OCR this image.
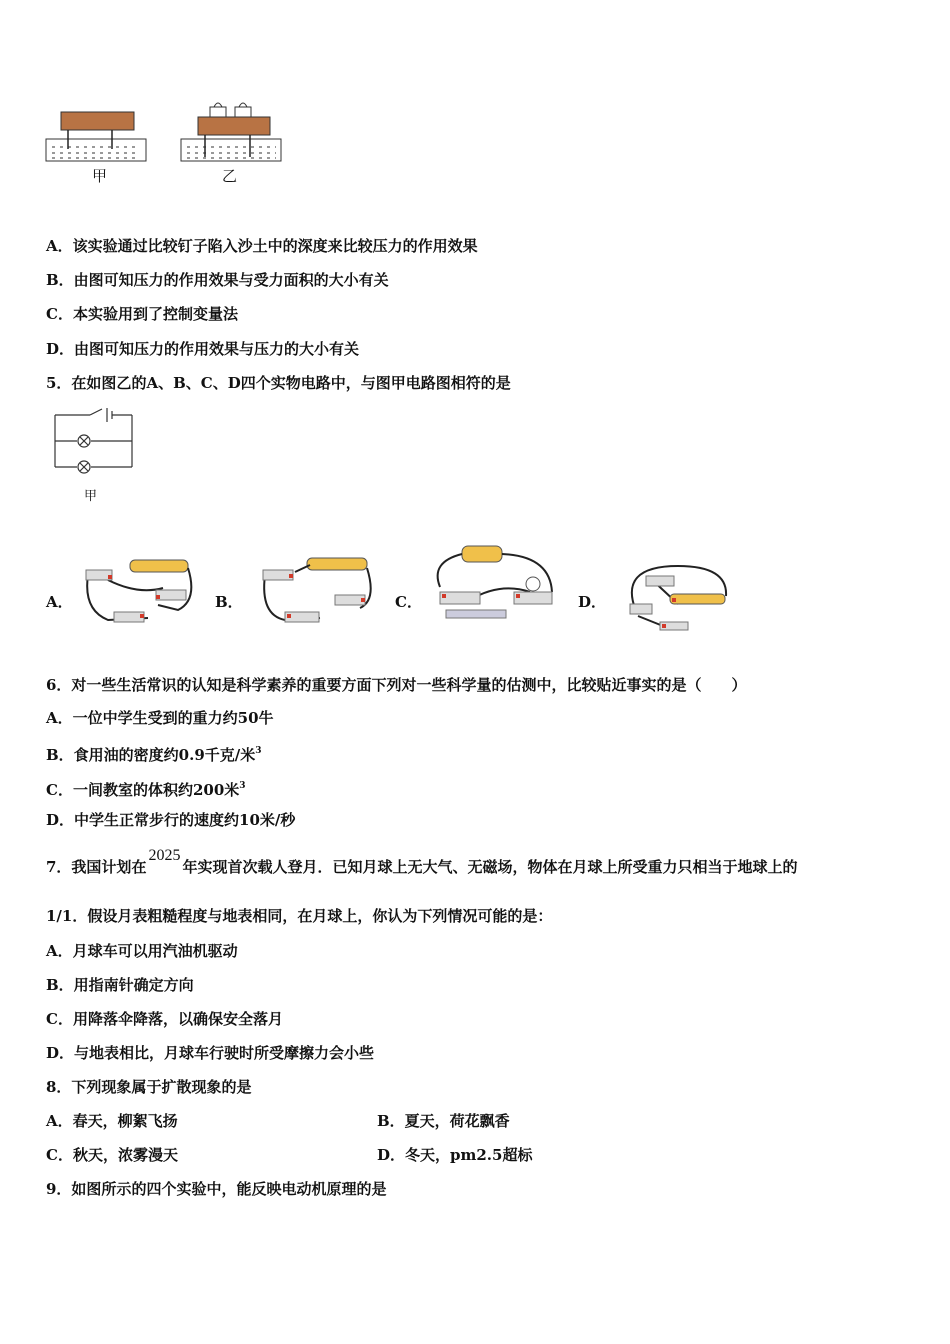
甲	乙
A．该实验通过比较钉子陷入沙土中的深度来比较压力的作用效果
B．由图可知压力的作用效果与受力面积的大小有关
C．本实验用到了控制变量法
D．由图可知压力的作用效果与压力的大小有关
5．在如图乙的A、B、C、D四个实物电路中，与图甲电路图相符的是
甲
A．	B．	C．	D．
6．对一些生活常识的认知是科学素养的重要方面下列对一些科学量的估测中，比较贴近事实的是（　　）
A．一位中学生受到的重力约50牛
B．食用油的密度约0.9千克/米$^3$
C．一间教室的体积约200米$^3$
D．中学生正常步行的速度约10米/秒
7．我国计划在2025年实现首次载人登月．已知月球上无大气、无磁场，物体在月球上所受重力只相当于地球上的
1/1．假设月表粗糙程度与地表相同，在月球上，你认为下列情况可能的是：
A．月球车可以用汽油机驱动
B．用指南针确定方向
C．用降落伞降落，以确保安全落月
D．与地表相比，月球车行驶时所受摩擦力会小些
8．下列现象属于扩散现象的是
A．春天，柳絮飞扬	B．夏天，荷花飘香
C．秋天，浓雾漫天	D．冬天，pm2.5超标
9．如图所示的四个实验中，能反映电动机原理的是
